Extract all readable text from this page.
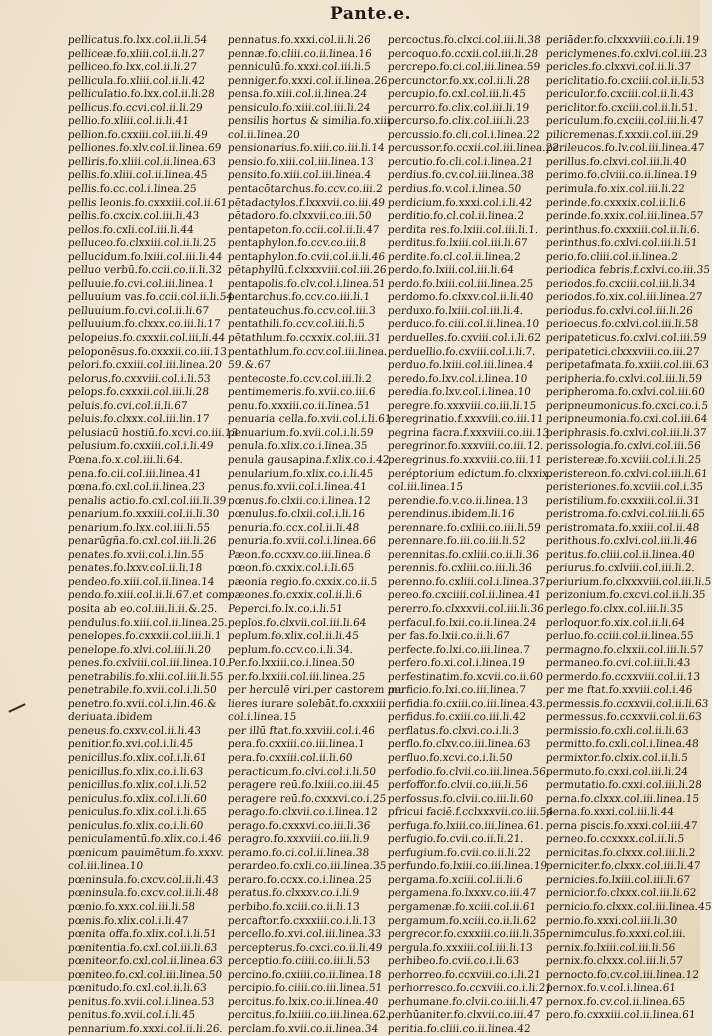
Pante.e.
pellicatus.fo.lxx.col.ii.li.54
pelliceæ.fo.xliii.col.ii.li.27
pelliceo.fo.lxx.col.ii.li.27
pellicula.fo.xliii.col.ii.li.42
pelliculatio.fo.lxx.col.ii.li.28
pellicus.fo.ccvi.col.ii.li.29
pellio.fo.xliii.col.ii.li.41
pellion.fo.cxxiii.col.iii.li.49
pelliones.fo.xlv.col.ii.linea.69
pelliris.fo.xliii.col.ii.linea.63
pellis.fo.xliii.col.ii.linea.45
pellis.fo.cc.col.i.linea.25
pellis leonis.fo.cxxxiii.col.ii.61
pellis.fo.cxcix.col.iii.li.43
pellos.fo.cxli.col.iii.li.44
pelluceo.fo.clxxiii.col.ii.li.25
pellucidum.fo.lxiii.col.iii.li.44
pelluo verbū.fo.ccii.co.ii.li.32
pelluuie.fo.cvi.col.iii.linea.1
pelluuium vas.fo.ccii.col.ii.li.54
pelluuium.fo.cvi.col.ii.li.67
pelluuium.fo.clxxx.co.iii.li.17
pelopeius.fo.cxxxii.col.iii.li.44
peloponēsus.fo.cxxxii.co.iii.13
pelori.fo.cxxiii.col.iii.linea.20
pelorus.fo.cxxviii.col.i.li.53
pelops.fo.cxxxii.col.iii.li.28
peluis.fo.cvi.col.ii.li.67
peluis.fo.clxxx.col.iii.lin.17
pelusiacū hostiū.fo.xcvi.co.iii.13
pelusium.fo.cxxiii.col.i.li.49
Pœna.fo.x.col.iii.li.64.
pena.fo.cii.col.iii.linea.41
pœna.fo.cxl.col.ii.linea.23
penalis actio.fo.cxl.col.iii.li.39
penarium.fo.xxxiii.col.ii.li.30
penarium.fo.lxx.col.iii.li.55
penarūgña.fo.cxl.col.iii.li.26
penates.fo.xvii.col.i.lin.55
penates.fo.lxxv.col.ii.li.18
pendeo.fo.xiii.col.ii.linea.14
pendo.fo.xiii.col.ii.li.67.et com-
posita ab eo.col.iii.li.ii.&.25.
pendulus.fo.xiii.col.ii.linea.25.
penelopes.fo.cxxxii.col.iii.li.1
penelope.fo.xlvi.col.iii.li.20
penes.fo.cxlviii.col.iii.linea.10.
penetrabilis.fo.xlii.col.iii.li.55
penetrabile.fo.xvii.col.i.li.50
penetro.fo.xvii.col.i.lin.46.&
deriuata.ibidem
peneus.fo.cxxv.col.ii.li.43
penitior.fo.xvi.col.i.li.45
penicillus.fo.xlix.col.i.li.61
penicillus.fo.xlix.co.i.li.63
penicillus.fo.xlix.col.i.li.52
peniculus.fo.xlix.col.i.li.60
peniculus.fo.xlix.col.i.li.65
peniculus.fo.xlix.co.i.li.60
peniculamentū.fo.xlix.co.i.46
pœnicum pauimētum.fo.xxxv.
col.iii.linea.10
pœninsula.fo.cxcv.col.ii.li.43
pœninsula.fo.cxcv.col.ii.li.48
pœnio.fo.xxx.col.iii.li.58
pœnis.fo.xlix.col.i.li.47
pœnita offa.fo.xlix.col.i.li.51
pœnitentia.fo.cxl.col.iii.li.63
pœniteor.fo.cxl.col.ii.linea.63
pœniteo.fo.cxl.col.iii.linea.50
pœnitudo.fo.cxl.col.ii.li.63
penitus.fo.xvii.col.i.linea.53
penitus.fo.xvii.col.i.li.45
pennarium.fo.xxxi.col.ii.li.26.
pennatus.fo.xxxi.col.ii.li.26
pennæ.fo.cliii.co.ii.linea.16
penniculū.fo.xxxi.col.iii.li.5
penniger.fo.xxxi.col.ii.linea.26
pensa.fo.xiii.col.ii.linea.24
pensiculo.fo.xiii.col.iii.li.24
pensilis hortus & similia.fo.xiii.
col.ii.linea.20
pensionarius.fo.xiii.co.iii.li.14
pensio.fo.xiii.col.iii.linea.13
pensito.fo.xiii.col.iii.linea.4
pentacōtarchus.fo.ccv.co.iii.2
pētadactylos.f.lxxxvii.co.iii.49
pētadoro.fo.clxxvii.co.iii.50
pentapeton.fo.ccii.col.ii.li.47
pentaphylon.fo.ccv.co.iii.8
pentaphylon.fo.cvii.col.ii.li.46
pētaphyllū.f.clxxxviii.col.iii.26
pentapolis.fo.clv.col.i.linea.51
pentarchus.fo.ccv.co.iii.li.1
pentateuchus.fo.ccv.col.iii.3
pentathili.fo.ccv.col.iii.li.5
pētathlum.fo.ccxxix.col.iii.31
pentathlum.fo.ccv.col.iii.linea.
59.&.67
pentecoste.fo.ccv.col.iii.li.2
pentimemeris.fo.xvii.co.iii.6
penu.fo.xxxiii.co.ii.linea.51
penuaria cella.fo.xvii.col.i.li.61
penuarium.fo.xvii.col.i.li.59
penula.fo.xlix.co.i.linea.35
penula gausapina.f.xlix.co.i.42
penularium.fo.xlix.co.i.li.45
penus.fo.xvii.col.i.linea.41
pœnus.fo.clxii.co.i.linea.12
pœnulus.fo.clxii.col.i.li.16
penuria.fo.ccx.col.ii.li.48
penuria.fo.xvii.col.i.linea.66
Pæon.fo.ccxxv.co.iii.linea.6
pœon.fo.cxxix.col.i.li.65
pæonia regio.fo.cxxix.co.ii.5
pæones.fo.cxxix.col.ii.li.6
Peperci.fo.lx.co.i.li.51
peplos.fo.clxvii.col.iii.li.64
peplum.fo.xlix.col.ii.li.45
peplum.fo.ccv.co.i.li.34.
Per.fo.lxxiii.co.i.linea.50
per.fo.lxxiii.col.iii.linea.25
per herculē viri.per castorem mu
lieres iurare solebāt.fo.cxxxiii
col.i.linea.15
per illū ftat.fo.xxviii.col.i.46
pera.fo.cxxiii.co.iii.linea.1
pera.fo.cxxiii.col.ii.li.60
peracticum.fo.clvi.col.i.li.50
peragere reū.fo.lxiii.co.iii.45
peragere reū.fo.cxxxvi.co.i.25
perago.fo.clxvii.co.i.linea.12
perago.fo.cxxxvi.co.iii.li.36
peragro.fo.xxxviii.co.iii.li.9
peramo.fo.ci.col.ii.linea.38
perardeo.fo.cxli.co.iii.linea.35
peraro.fo.ccxx.co.i.linea.25
peratus.fo.clxxxv.co.i.li.9
perbibo.fo.xciii.co.ii.li.13
percaftor.fo.cxxxiii.co.i.li.13
percello.fo.xvi.col.iii.linea.33
percepterus.fo.cxci.co.ii.li.49
perceptio.fo.ciiii.co.iii.li.53
percino.fo.cxiiii.co.ii.linea.18
percipio.fo.ciiii.co.iii.linea.51
percitus.fo.lxix.co.ii.linea.40
percitus.fo.lxiiii.co.iii.linea.62.
perclam.fo.xvii.co.ii.linea.34
percoctus.fo.clxci.col.iii.li.38
percoquo.fo.ccxii.col.iii.li.28
percrepo.fo.ci.col.iii.linea.59
percunctor.fo.xx.col.ii.li.28
percupio.fo.cxl.col.iii.li.45
percurro.fo.clix.col.iii.li.19
percurso.fo.clix.col.iii.li.23
percussio.fo.cli.col.i.linea.22
percussor.fo.ccxii.col.iii.linea.22
percutio.fo.cli.col.i.linea.21
perdius.fo.cv.col.iii.linea.38
perdius.fo.v.col.i.linea.50
perdicium.fo.xxxi.col.i.li.42
perditio.fo.cl.col.ii.linea.2
perdita res.fo.lxiii.col.iii.li.1.
perditus.fo.lxiii.col.iii.li.67
perdite.fo.cl.col.ii.linea.2
perdo.fo.lxiii.col.iii.li.64
perdo.fo.lxiii.col.iii.linea.25
perdomo.fo.clxxv.col.ii.li.40
perduxo.fo.lxiii.col.iii.li.4.
perduco.fo.ciii.col.ii.linea.10
perduelles.fo.cxviii.col.i.li.62
perduellio.fo.cxviii.col.i.li.7.
perduo.fo.lxiii.col.iii.linea.4
peredo.fo.lxv.col.i.linea.10
peredia.fo.lxv.col.i.linea.10
peregre.fo.xxxviii.co.iii.li.15
peregrinatio.f.xxxviii.co.iii.11
pegrina facra.f.xxxviii.co.iii.13
peregrinor.fo.xxxviii.co.iii.12.
peregrinus.fo.xxxviii.co.iii.11
peréptorium edictum.fo.clxxix.
col.iii.linea.15
perendie.fo.v.co.ii.linea.13
perendinus.ibidem.li.16
perennare.fo.cxliii.co.iii.li.59
perennare.fo.iii.co.iii.li.52
perennitas.fo.cxliii.co.ii.li.36
perennis.fo.cxliii.co.iii.li.36
perenno.fo.cxliii.col.i.linea.37.
pereo.fo.cxciiii.col.ii.linea.41
pererro.fo.clxxxvii.col.iii.li.36
perfacul.fo.lxii.co.ii.linea.24
per fas.fo.lxii.co.ii.li.67
perfecte.fo.lxi.co.iii.linea.7
perfero.fo.xi.col.i.linea.19
perfestinatim.fo.xcvii.co.ii.60
perficio.fo.lxi.co.iii.linea.7
perfidia.fo.cxiii.co.iii.linea.43.
perfidus.fo.cxiii.co.iii.li.42
perflatus.fo.clxvi.co.i.li.3
perflo.fo.clxv.co.iii.linea.63
perfluo.fo.xcvi.co.i.li.50
perfodio.fo.clvii.co.iii.linea.56.
perfoffor.fo.clvii.co.iii.li.56
perfossus.fo.clvii.co.iii.li.60
pfricui faciē.f.cclxxxvii.co.iii.54
perfuga.fo.lxiii.co.iii.linea.61.
perfugio.fo.cvii.co.ii.li.21.
perfugium.fo.cvii.co.ii.li.22
perfundo.fo.lxiii.co.iii.linea.19
pergama.fo.xciii.col.ii.li.6
pergamena.fo.lxxxv.co.iii.47
pergamenæ.fo.xciii.col.ii.61
pergamum.fo.xciii.co.ii.li.62
pergrecor.fo.cxxxiii.co.iii.li.35
pergula.fo.xxxiii.col.iii.li.13
perhibeo.fo.cvii.co.i.li.63
perhorreo.fo.ccxviii.co.i.li.21
perhorresco.fo.ccxviii.co.i.li.21
perhumane.fo.clvii.co.iii.li.47
perhūaniter.fo.clxvii.co.iii.47
peritia.fo.cliii.co.ii.linea.42
periāder.fo.clxxxviii.co.i.li.19
periclymenes.fo.cxlvi.col.iii.23
pericles.fo.clxxvi.col.ii.li.37
periclitatio.fo.cxciii.col.ii.li.53
periculor.fo.cxciii.col.ii.li.43
periclitor.fo.cxciii.col.ii.li.51.
periculum.fo.cxciii.col.iii.li.47
pilicremenas.f.xxxii.col.iii.29
perileucos.fo.lv.col.iii.linea.47
perillus.fo.clxvi.col.iii.li.40
perimo.fo.clviii.co.ii.linea.19
perimula.fo.xix.col.iii.li.22
perinde.fo.cxxxix.col.ii.li.6
perinde.fo.xxix.col.iii.linea.57
perinthus.fo.cxxxiii.col.ii.li.6.
perinthus.fo.cxlvi.col.iii.li.51
perio.fo.cliii.col.ii.linea.2
periodica febris.f.cxlvi.co.iii.35
periodos.fo.cxciii.col.iii.li.34
periodos.fo.xix.col.iii.linea.27
periodus.fo.cxlvi.col.iii.li.26
perioecus.fo.cxlvi.col.iii.li.58
peripateticus.fo.cxlvi.col.iii.59
peripatetici.clxxxviii.co.iii.27
peripetafmata.fo.xxiii.col.iii.63
peripheria.fo.cxlvi.col.iii.li.59
peripheroma.fo.cxlvi.col.iii.60
peripneumonicus.fo.cxci.co.i.5
peripneumonia.fo.cxi.col.iii.64
periphrasis.fo.cxlvi.col.iii.li.37
perissologia.fo.cxlvi.col.iii.56
peristereæ.fo.xcviii.col.i.li.25
peristereon.fo.cxlvi.col.iii.li.61
peristeriones.fo.xcviii.col.i.35
peristilium.fo.cxxxiii.col.ii.31
peristroma.fo.cxlvi.col.iii.li.65
peristromata.fo.xxiii.col.ii.48
perithous.fo.cxlvi.col.iii.li.46
peritus.fo.cliii.col.ii.linea.40
periurus.fo.cxlviii.col.iii.li.2.
periurium.fo.clxxxviii.col.iii.li.5
perizonium.fo.cxcvi.col.ii.li.35
perlego.fo.clxx.col.iii.li.35
perloquor.fo.xix.col.ii.li.64
perluo.fo.cciii.col.ii.linea.55
permagno.fo.clxxii.col.iii.li.57
permaneo.fo.cvi.col.iii.li.43
permerdo.fo.ccxxviii.col.ii.13
per me ftat.fo.xxviii.col.i.46
permessis.fo.ccxxvii.col.ii.li.63
permessus.fo.ccxxvii.col.ii.63
permissio.fo.cxli.col.ii.li.63
permitto.fo.cxli.col.i.linea.48
permixtor.fo.clxix.col.ii.li.5
permuto.fo.cxxi.col.iii.li.24
permutatio.fo.cxxi.col.iii.li.28
perna.fo.clxxx.col.iii.linea.15
perna.fo.xxxi.col.iii.li.44
perna piscis.fo.xxxi.col.iii.47
perneo.fo.ccxxxx.col.ii.li.5
pernicitas.fo.clxxx.col.iii.li.2
perniciter.fo.clxxx.col.iii.li.47
pernicies.fo.lxiii.col.iii.li.67
pernicior.fo.clxxx.col.iii.li.62
pernicio.fo.clxxx.col.iii.linea.45
pernio.fo.xxxi.col.iii.li.30
pernimculus.fo.xxxi.col.iii.
pernix.fo.lxiii.col.iii.li.56
pernix.fo.clxxx.col.iii.li.57
pernocto.fo.cv.col.iii.linea.12
pernox.fo.v.col.i.linea.61
pernox.fo.cv.col.ii.linea.65
pero.fo.cxxxiii.col.ii.linea.61
